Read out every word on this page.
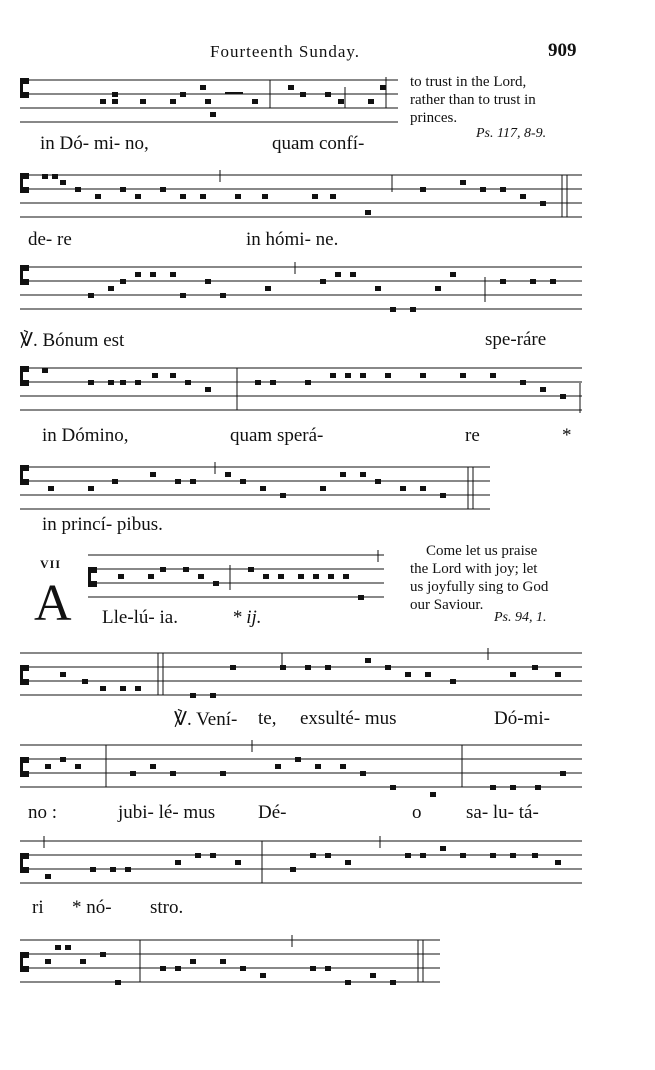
Fourteenth Sunday.	909
in Dó- mi- no,	quam confí-
to trust in the Lord,
rather than to trust in
princes.
Ps. 117, 8-9.
de- re	in hómi- ne.
℣. Bónum est	spe-ráre
in Dómino,	quam sperá-	re	*
in princí- pibus.
VII
A Lle-lú- ia.	* ij.
Come let us praise
the Lord with joy; let
us joyfully sing to God
our Saviour.
Ps. 94, 1.
℣. Vení- te, exsulté- mus	Dó-mi-
no :	jubi- lé- mus Dé-	o sa- lu- tá-
ri * nó- stro.
